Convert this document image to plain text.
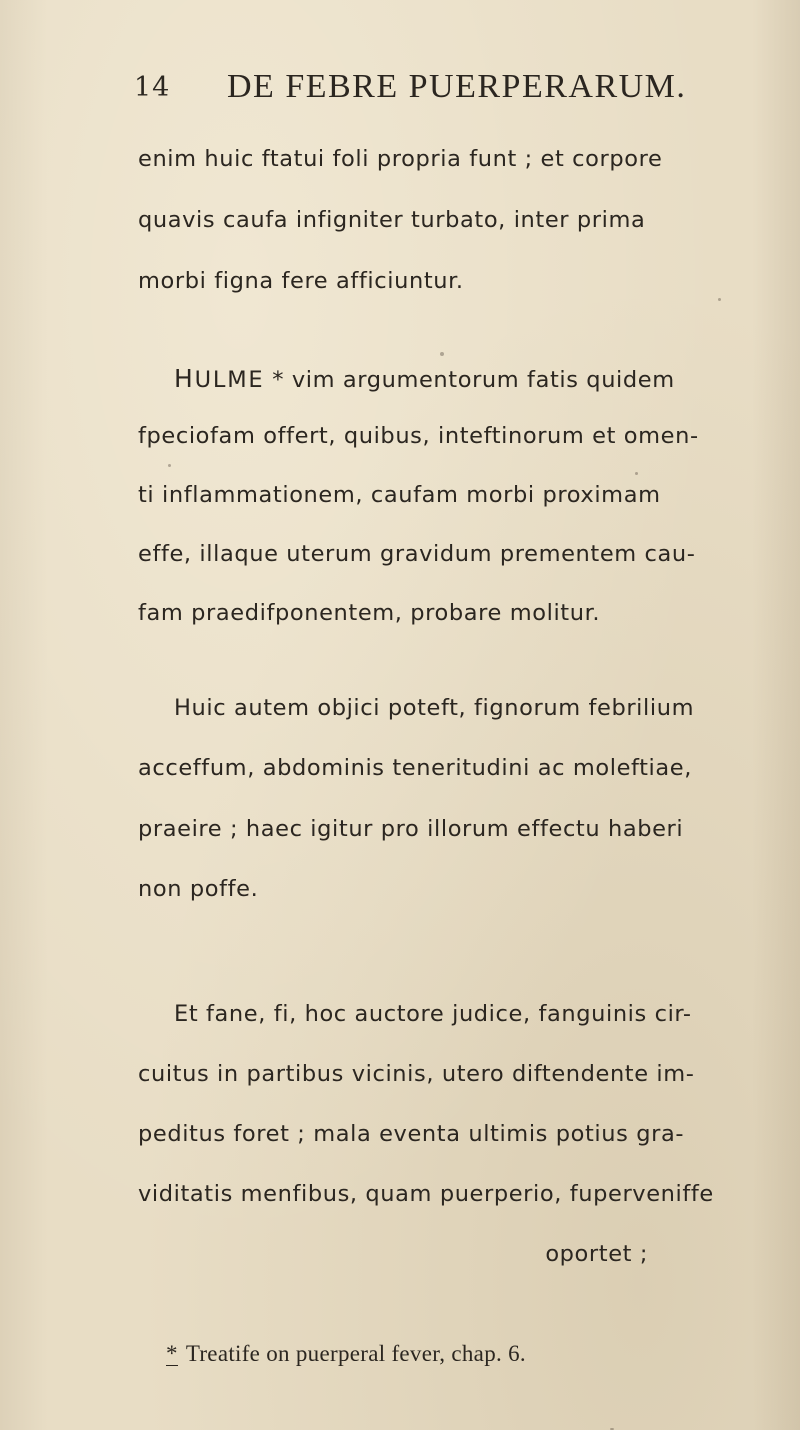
14 DE FEBRE PUERPERARUM.
enim huic ftatui foli propria funt ; et corpore
quavis caufa infigniter turbato, inter prima
morbi figna fere afficiuntur.
HULME * vim argumentorum fatis quidem
fpeciofam offert, quibus, inteftinorum et omen-
ti inflammationem, caufam morbi proximam
effe, illaque uterum gravidum prementem cau-
fam praedifponentem, probare molitur.
Huic autem objici poteft, fignorum febrilium
acceffum, abdominis teneritudini ac moleftiae,
praeire ; haec igitur pro illorum effectu haberi
non poffe.
Et fane, fi, hoc auctore judice, fanguinis cir-
cuitus in partibus vicinis, utero diftendente im-
peditus foret ; mala eventa ultimis potius gra-
viditatis menfibus, quam puerperio, fuperveniffe
oportet ;
* Treatife on puerperal fever, chap. 6.
